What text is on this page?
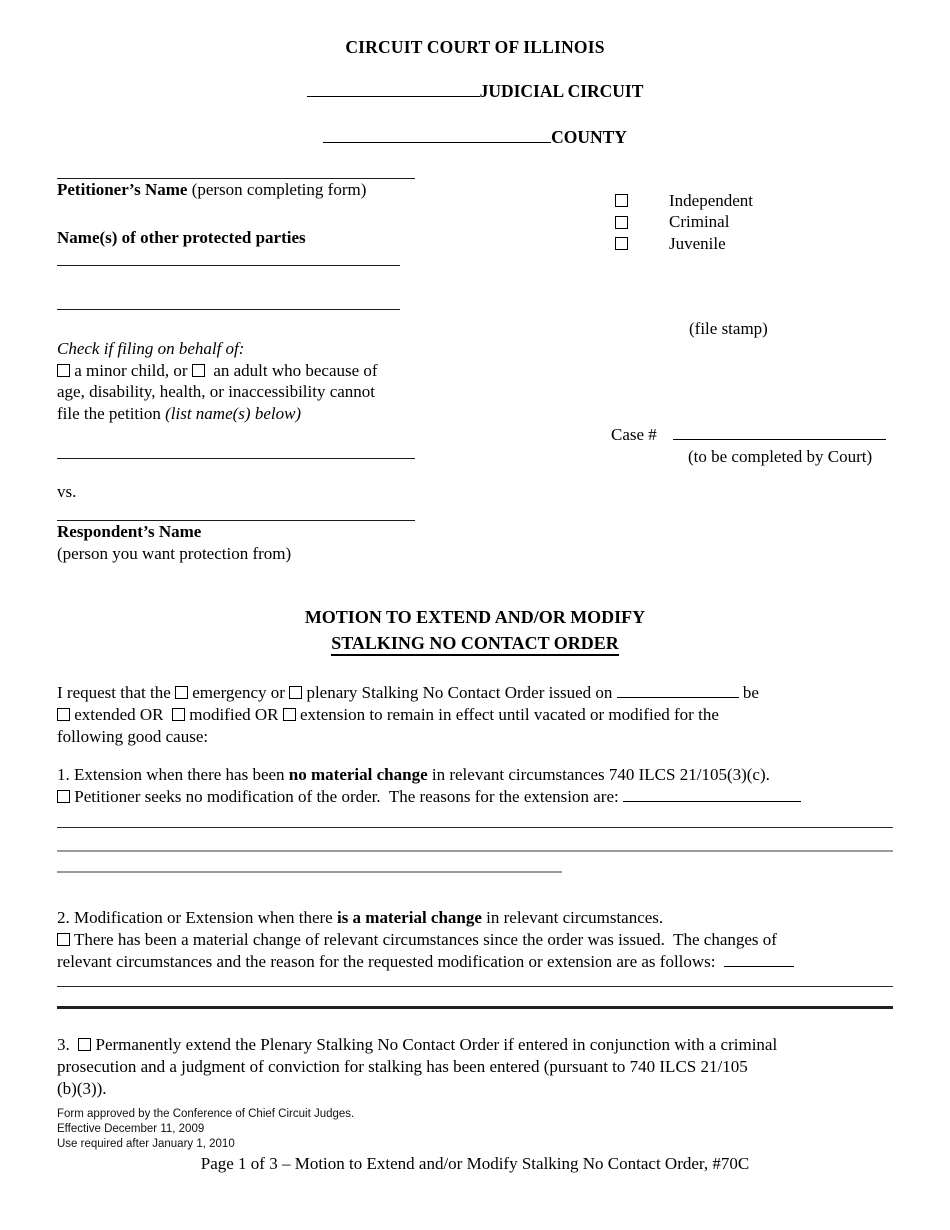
CIRCUIT COURT OF ILLINOIS
JUDICIAL CIRCUIT
COUNTY
Petitioner’s Name (person completing form)
Name(s) of other protected parties
Check if filing on behalf of:
a minor child, or   an adult who because of
age, disability, health, or inaccessibility cannot
file the petition (list name(s) below)
vs.
Respondent’s Name
(person you want protection from)
Independent
Criminal
Juvenile
(file stamp)
Case #
(to be completed by Court)
MOTION TO EXTEND AND/OR MODIFY
STALKING NO CONTACT ORDER
I request that the  emergency or  plenary Stalking No Contact Order issued on	be
extended OR   modified OR  extension to remain in effect until vacated or modified for the
following good cause:
1. Extension when there has been no material change in relevant circumstances 740 ILCS 21/105(3)(c).
Petitioner seeks no modification of the order.  The reasons for the extension are:
2. Modification or Extension when there is a material change in relevant circumstances.
There has been a material change of relevant circumstances since the order was issued.  The changes of
relevant circumstances and the reason for the requested modification or extension are as follows:
3.   Permanently extend the Plenary Stalking No Contact Order if entered in conjunction with a criminal
prosecution and a judgment of conviction for stalking has been entered (pursuant to 740 ILCS 21/105
(b)(3)).
Form approved by the Conference of Chief Circuit Judges.
Effective December 11, 2009
Use required after January 1, 2010
Page 1 of 3 – Motion to Extend and/or Modify Stalking No Contact Order, #70C
